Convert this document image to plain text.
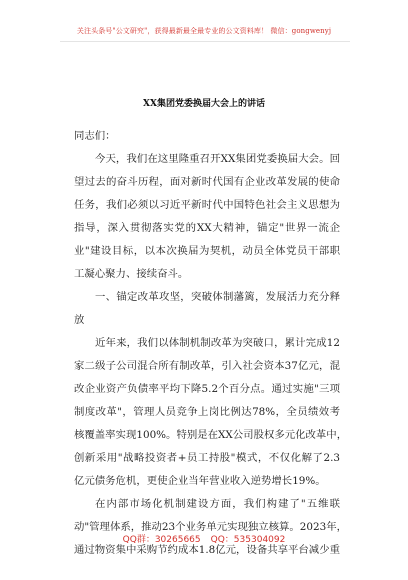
关注头条号"公文研究"，获得最新最全最专业的公文资料库！ 微信：gongwenyj
XX集团党委换届大会上的讲话
同志们：
今天，我们在这里隆重召开XX集团党委换届大会。回
望过去的奋斗历程，面对新时代国有企业改革发展的使命
任务，我们必须以习近平新时代中国特色社会主义思想为
指导，深入贯彻落实党的XX大精神，锚定"世界一流企
业"建设目标，以本次换届为契机，动员全体党员干部职
工凝心聚力、接续奋斗。
一、锚定改革攻坚，突破体制藩篱，发展活力充分释
放
近年来，我们以体制机制改革为突破口，累计完成12
家二级子公司混合所有制改革，引入社会资本37亿元，混
改企业资产负债率平均下降5.2个百分点。通过实施"三项
制度改革"，管理人员竞争上岗比例达78%，全员绩效考
核覆盖率实现100%。特别是在XX公司股权多元化改革中，
创新采用"战略投资者+员工持股"模式，不仅化解了2.3
亿元债务危机，更使企业当年营业收入逆势增长19%。
在内部市场化机制建设方面，我们构建了"五维联
动"管理体系，推动23个业务单元实现独立核算。2023年，
通过物资集中采购节约成本1.8亿元，设备共享平台减少重
QQ群：30265665 QQ：535304092
